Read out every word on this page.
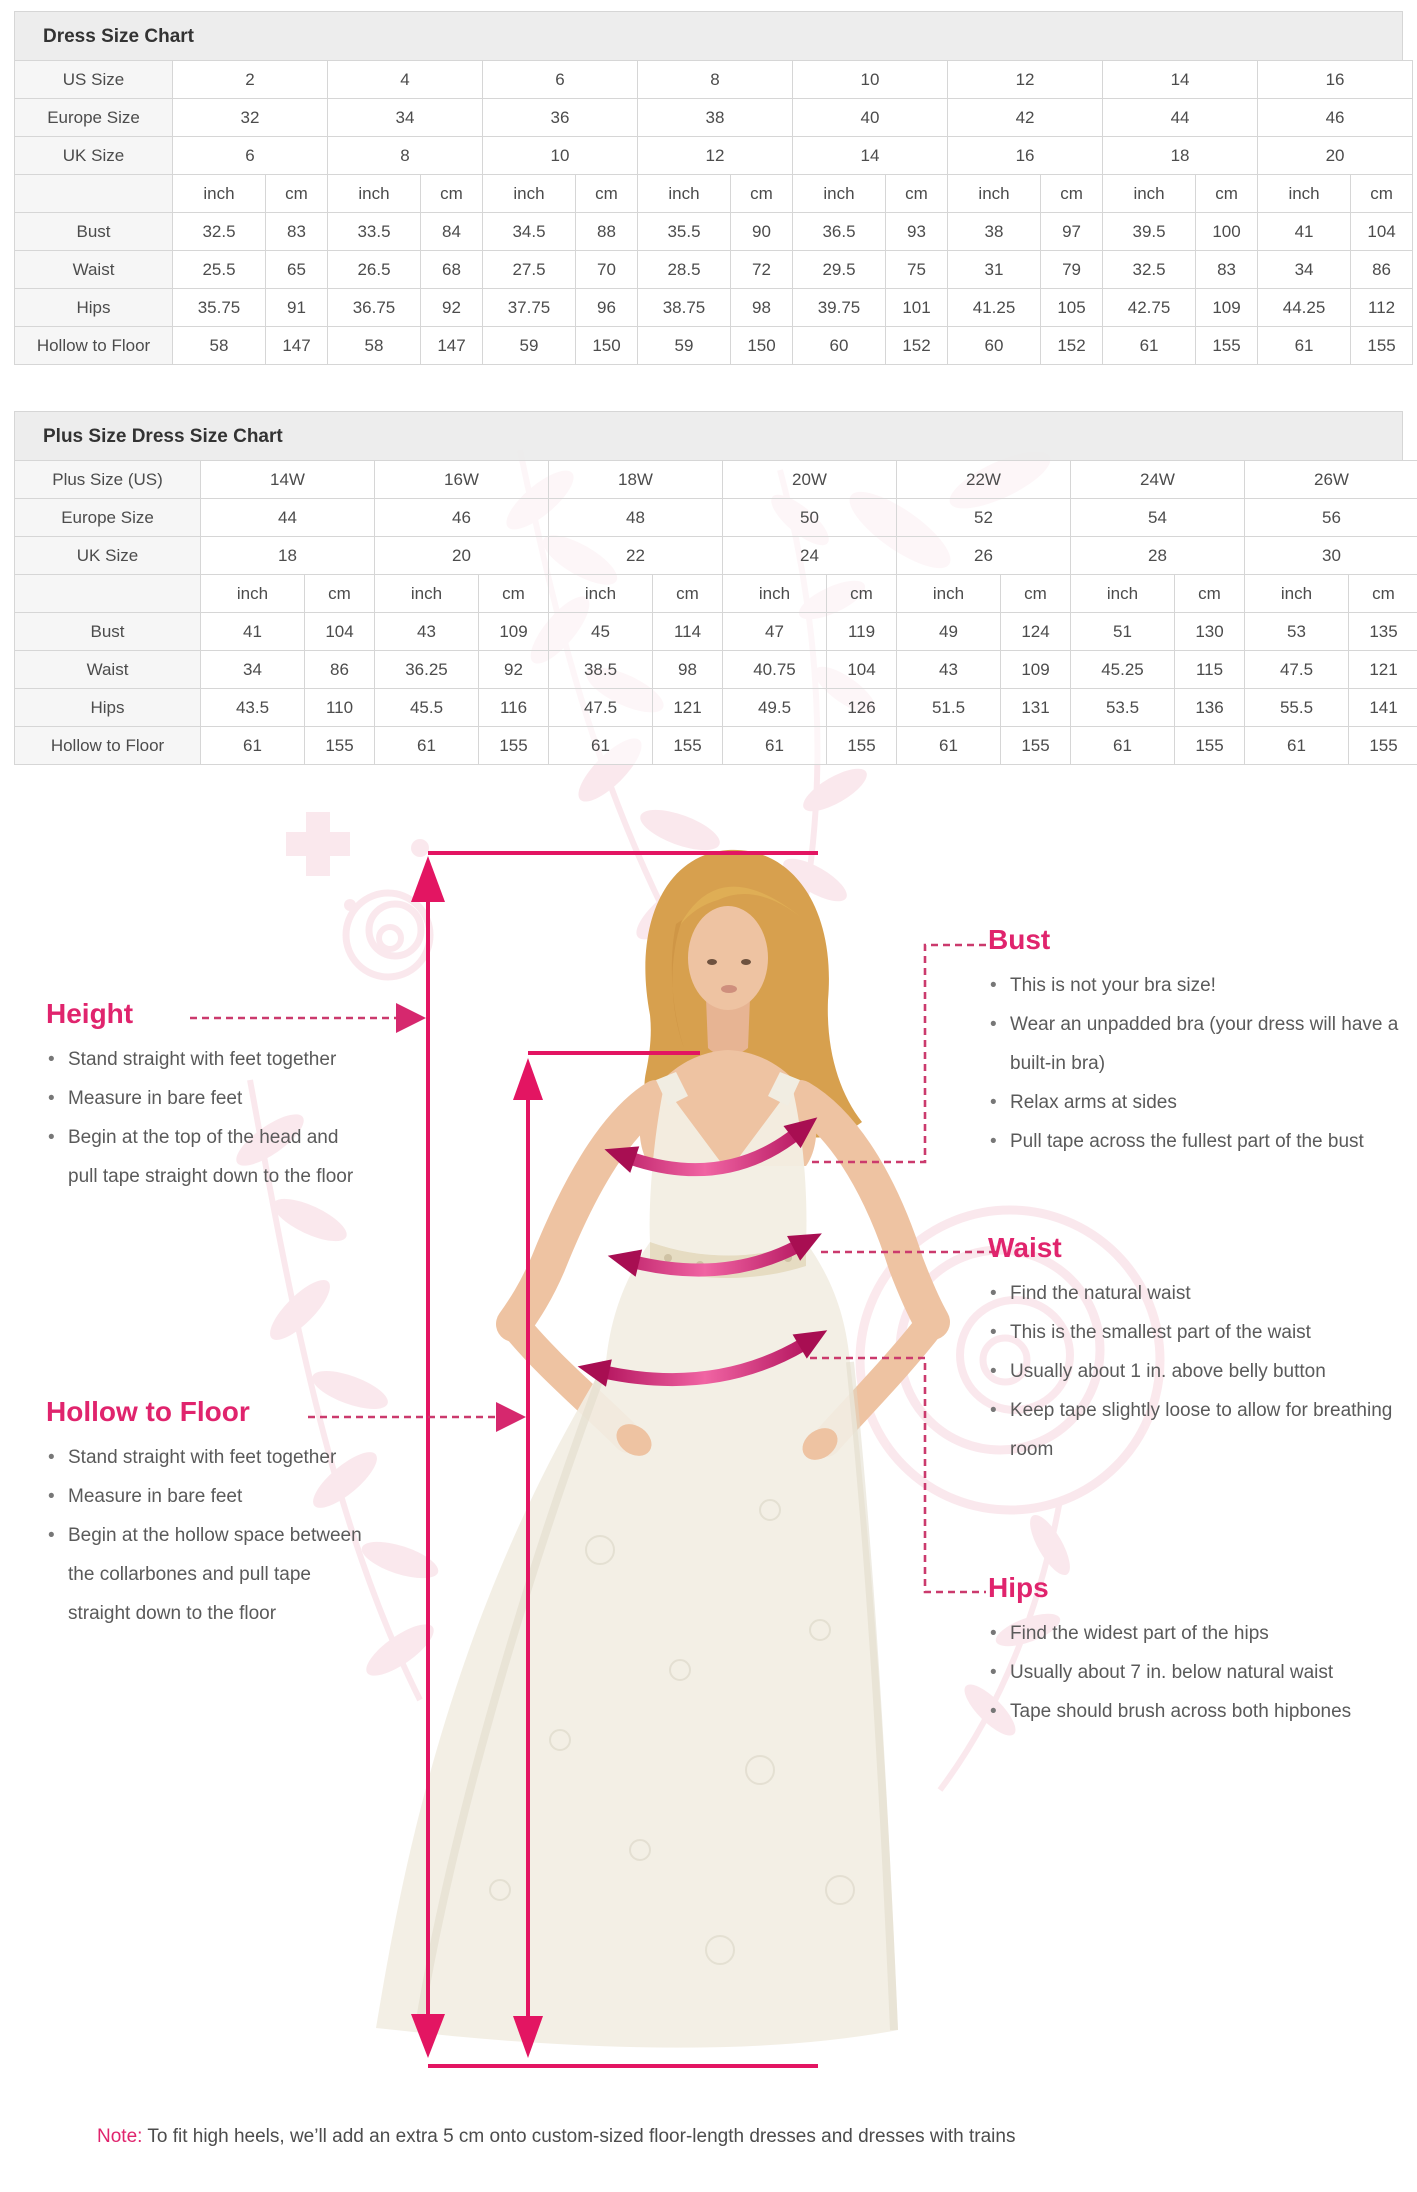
Dress Size Chart
US Size	2		4		6		8		10		12		14		16	
Europe Size	32		34		36		38		40		42		44		46	
UK Size	6		8		10		12		14		16		18		20	
	inch	cm	inch	cm	inch	cm	inch	cm	inch	cm	inch	cm	inch	cm	inch	cm
Bust	32.5	83	33.5	84	34.5	88	35.5	90	36.5	93	38	97	39.5	100	41	104
Waist	25.5	65	26.5	68	27.5	70	28.5	72	29.5	75	31	79	32.5	83	34	86
Hips	35.75	91	36.75	92	37.75	96	38.75	98	39.75	101	41.25	105	42.75	109	44.25	112
Hollow to Floor	58	147	58	147	59	150	59	150	60	152	60	152	61	155	61	155
Plus Size Dress Size Chart
Plus Size (US)	14W		16W		18W		20W		22W		24W		26W	
Europe Size	44		46		48		50		52		54		56	
UK Size	18		20		22		24		26		28		30	
	inch	cm	inch	cm	inch	cm	inch	cm	inch	cm	inch	cm	inch	cm
Bust	41	104	43	109	45	114	47	119	49	124	51	130	53	135
Waist	34	86	36.25	92	38.5	98	40.75	104	43	109	45.25	115	47.5	121
Hips	43.5	110	45.5	116	47.5	121	49.5	126	51.5	131	53.5	136	55.5	141
Hollow to Floor	61	155	61	155	61	155	61	155	61	155	61	155	61	155
Height
• Stand straight with feet together
• Measure in bare feet
• Begin at the top of the head and pull tape straight down to the floor
Hollow to Floor
• Stand straight with feet together
• Measure in bare feet
• Begin at the hollow space between the collarbones and pull tape straight down to the floor
Bust
• This is not your bra size!
• Wear an unpadded bra (your dress will have a built-in bra)
• Relax arms at sides
• Pull tape across the fullest part of the bust
Waist
• Find the natural waist
• This is the smallest part of the waist
• Usually about 1 in. above belly button
• Keep tape slightly loose to allow for breathing room
Hips
• Find the widest part of the hips
• Usually about 7 in. below natural waist
• Tape should brush across both hipbones

Note: To fit high heels, we’ll add an extra 5 cm onto custom-sized floor-length dresses and dresses with trains
